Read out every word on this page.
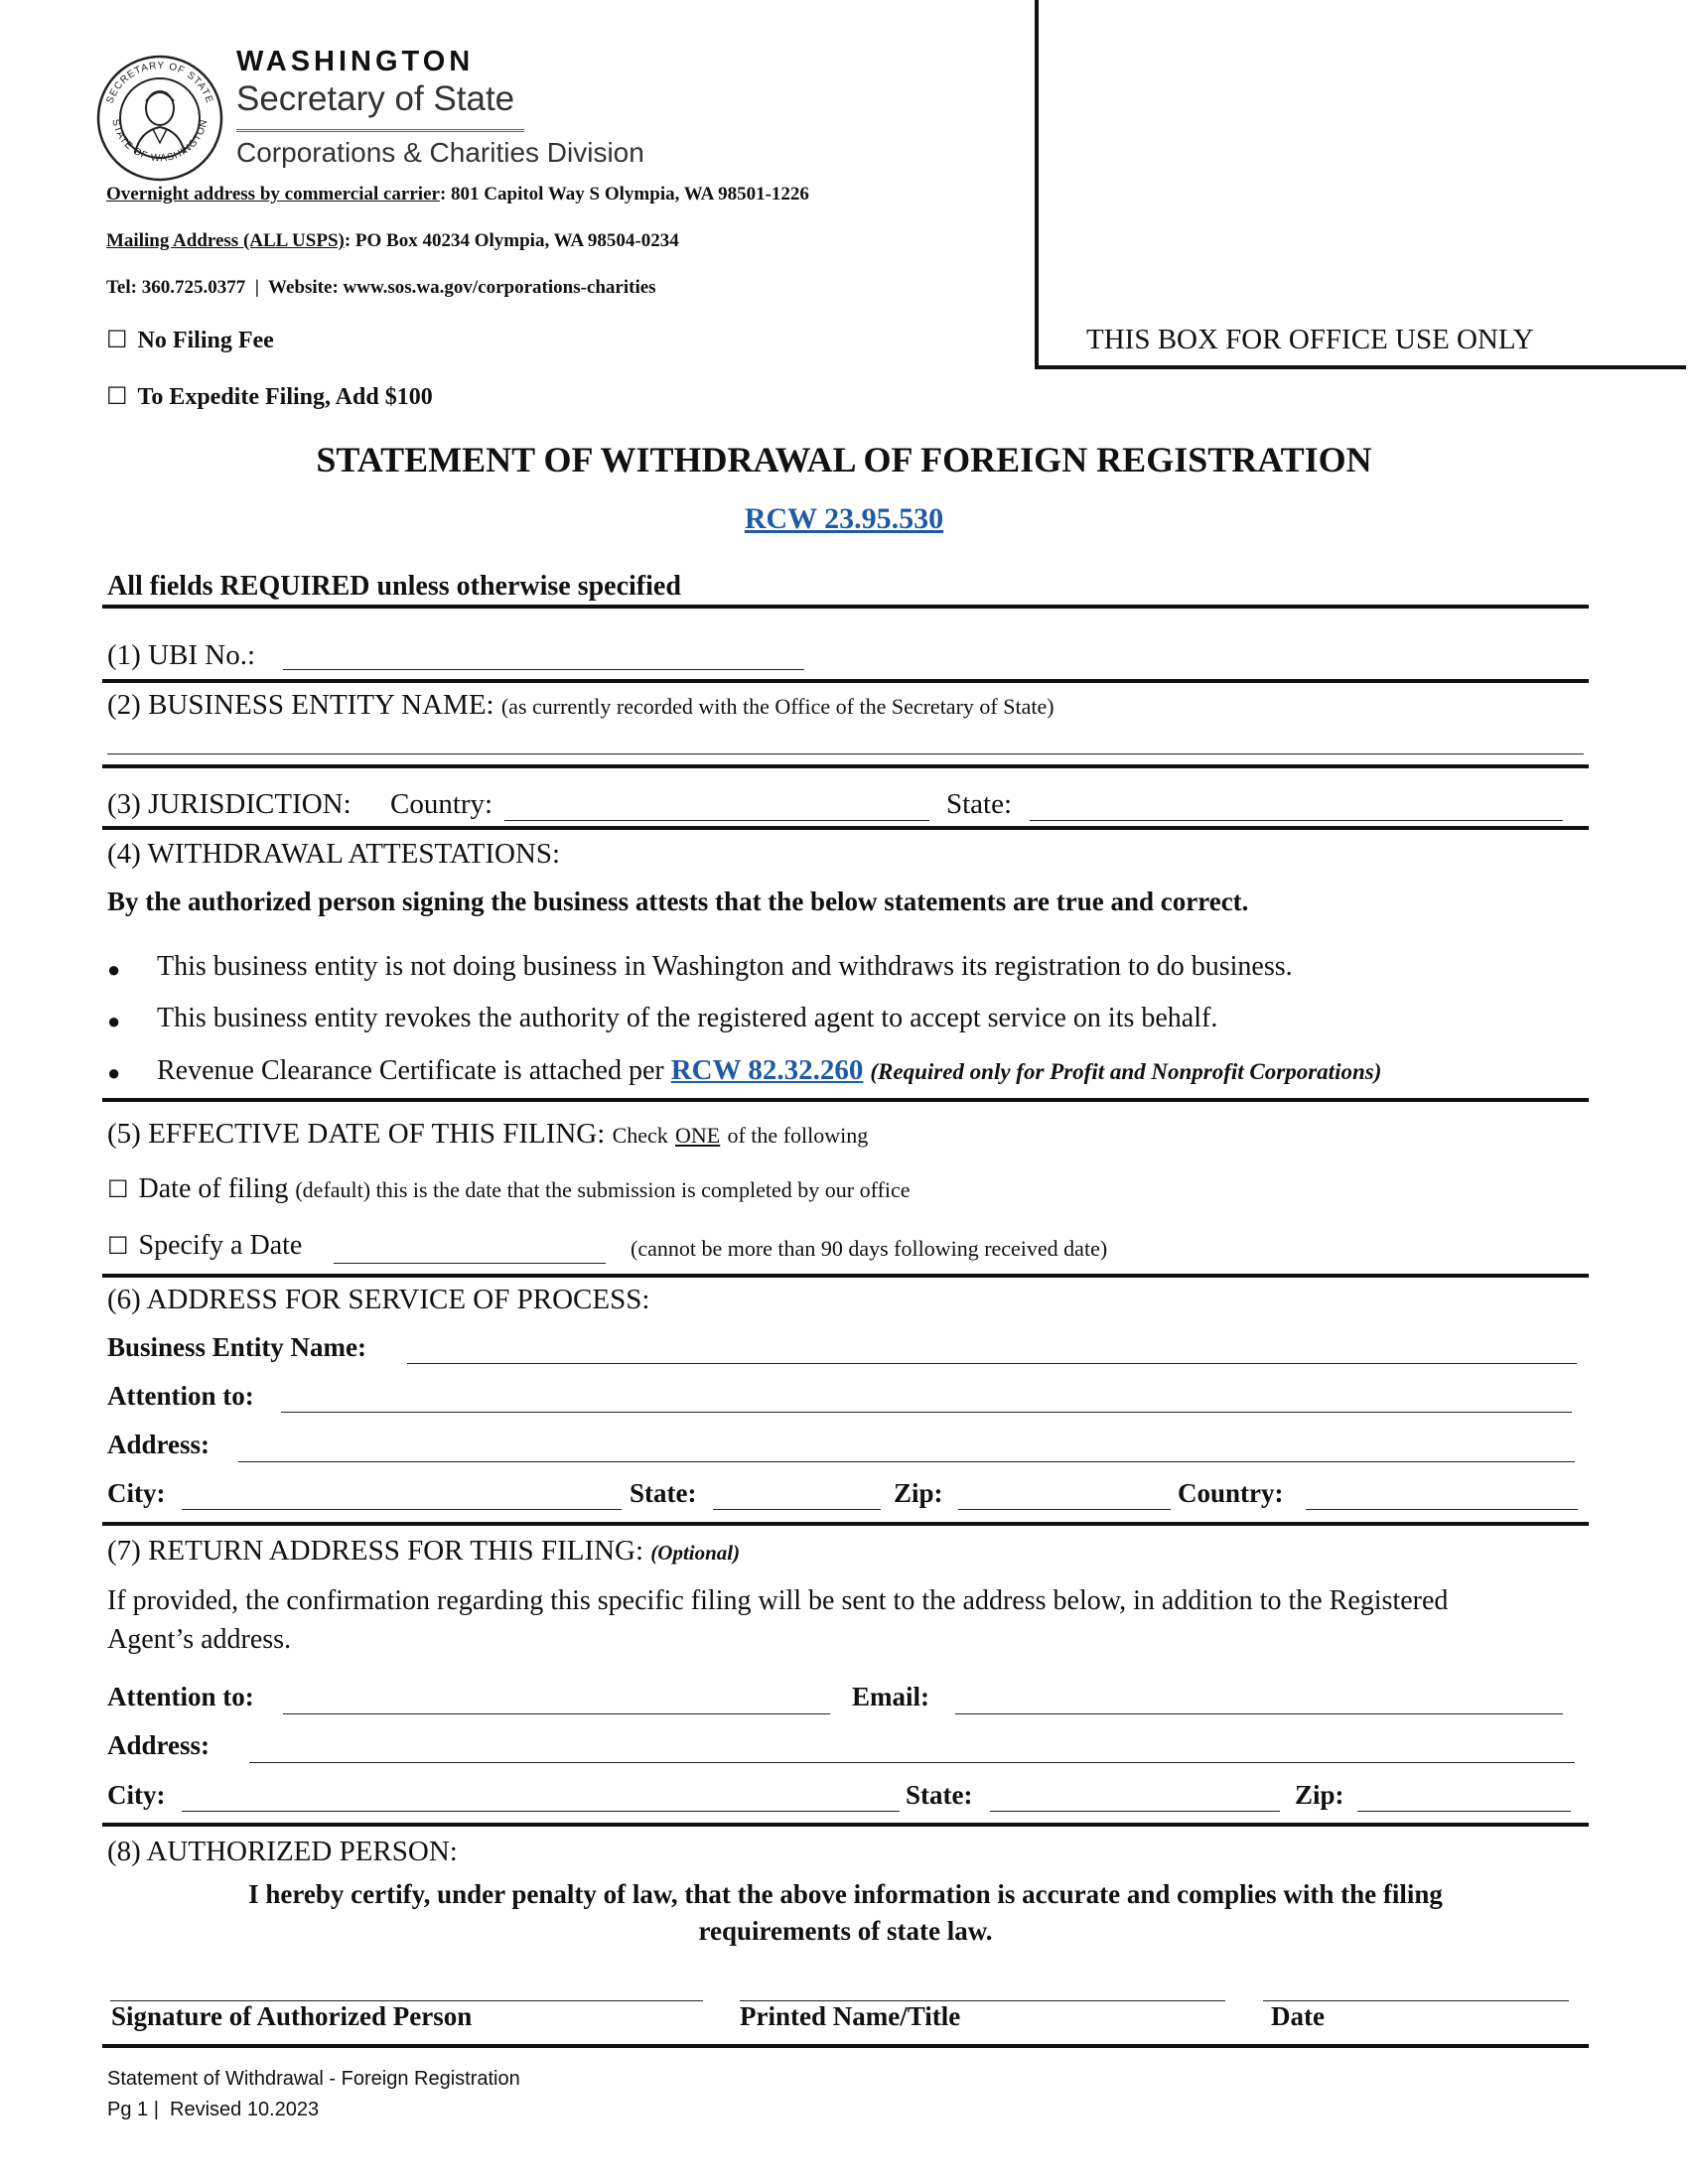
SECRETARY OF STATE
STATE OF WASHINGTON
WASHINGTON
Secretary of State
Corporations & Charities Division
THIS BOX FOR OFFICE USE ONLY
Overnight address by commercial carrier: 801 Capitol Way S Olympia, WA 98501-1226
Mailing Address (ALL USPS): PO Box 40234 Olympia, WA 98504-0234
Tel: 360.725.0377  |  Website: www.sos.wa.gov/corporations-charities
☐ No Filing Fee
☐ To Expedite Filing, Add $100
STATEMENT OF WITHDRAWAL OF FOREIGN REGISTRATION
RCW 23.95.530
All fields REQUIRED unless otherwise specified
(1) UBI No.:
(2) BUSINESS ENTITY NAME: (as currently recorded with the Office of the Secretary of State)
(3) JURISDICTION: Country:	State:
(4) WITHDRAWAL ATTESTATIONS:
By the authorized person signing the business attests that the below statements are true and correct.
● This business entity is not doing business in Washington and withdraws its registration to do business.
● This business entity revokes the authority of the registered agent to accept service on its behalf.
● Revenue Clearance Certificate is attached per RCW 82.32.260 (Required only for Profit and Nonprofit Corporations)
(5) EFFECTIVE DATE OF THIS FILING: Check ONE of the following
☐ Date of filing (default) this is the date that the submission is completed by our office
☐ Specify a Date	(cannot be more than 90 days following received date)
(6) ADDRESS FOR SERVICE OF PROCESS:
Business Entity Name:
Attention to:
Address:
City:	State:	Zip:	Country:
(7) RETURN ADDRESS FOR THIS FILING: (Optional)
If provided, the confirmation regarding this specific filing will be sent to the address below, in addition to the Registered
Agent’s address.
Attention to:	Email:
Address:
City:	State:	Zip:
(8) AUTHORIZED PERSON:
I hereby certify, under penalty of law, that the above information is accurate and complies with the filing
requirements of state law.
Signature of Authorized Person	Printed Name/Title	Date
Statement of Withdrawal - Foreign Registration
Pg 1 |  Revised 10.2023
